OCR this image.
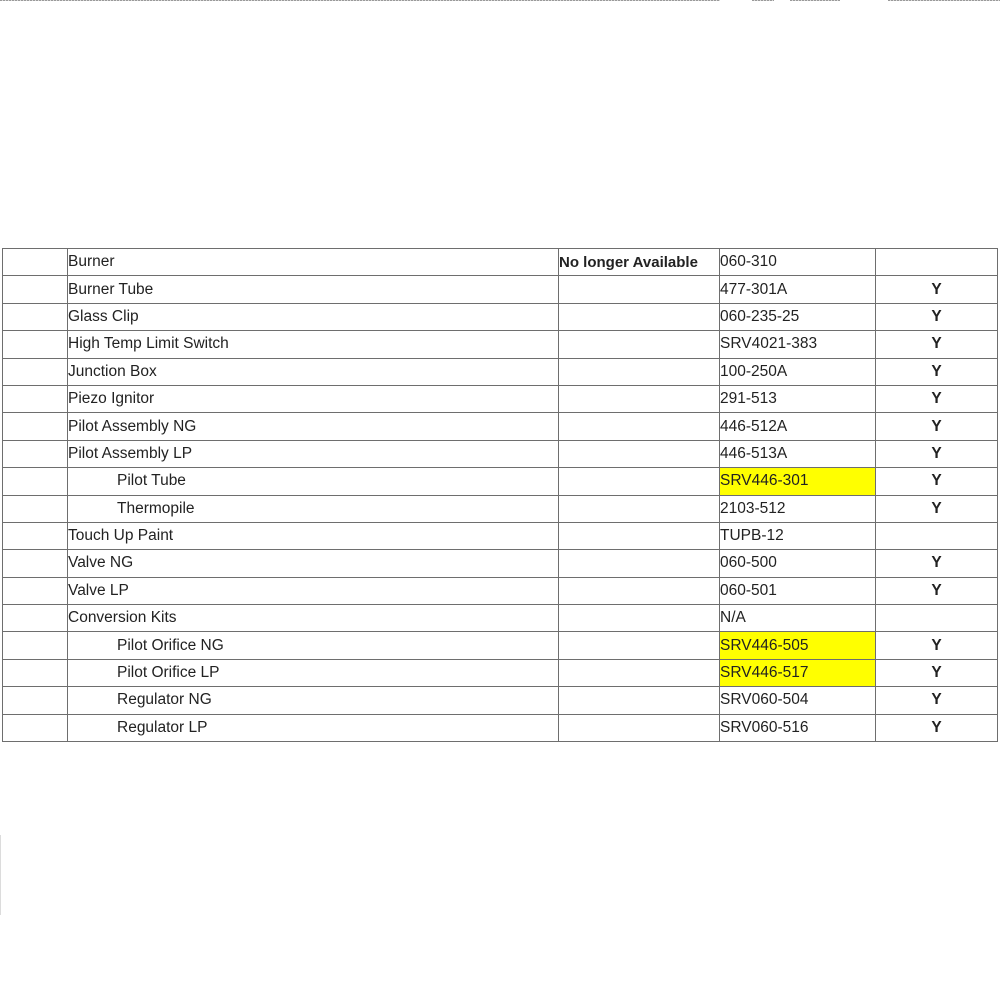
	Burner	No longer Available	060-310	
	Burner Tube		477-301A	Y
	Glass Clip		060-235-25	Y
	High Temp Limit Switch		SRV4021-383	Y
	Junction Box		100-250A	Y
	Piezo Ignitor		291-513	Y
	Pilot Assembly NG		446-512A	Y
	Pilot Assembly LP		446-513A	Y
	Pilot Tube		SRV446-301	Y
	Thermopile		2103-512	Y
	Touch Up Paint		TUPB-12	
	Valve NG		060-500	Y
	Valve LP		060-501	Y
	Conversion Kits		N/A	
	Pilot Orifice NG		SRV446-505	Y
	Pilot Orifice LP		SRV446-517	Y
	Regulator NG		SRV060-504	Y
	Regulator LP		SRV060-516	Y
